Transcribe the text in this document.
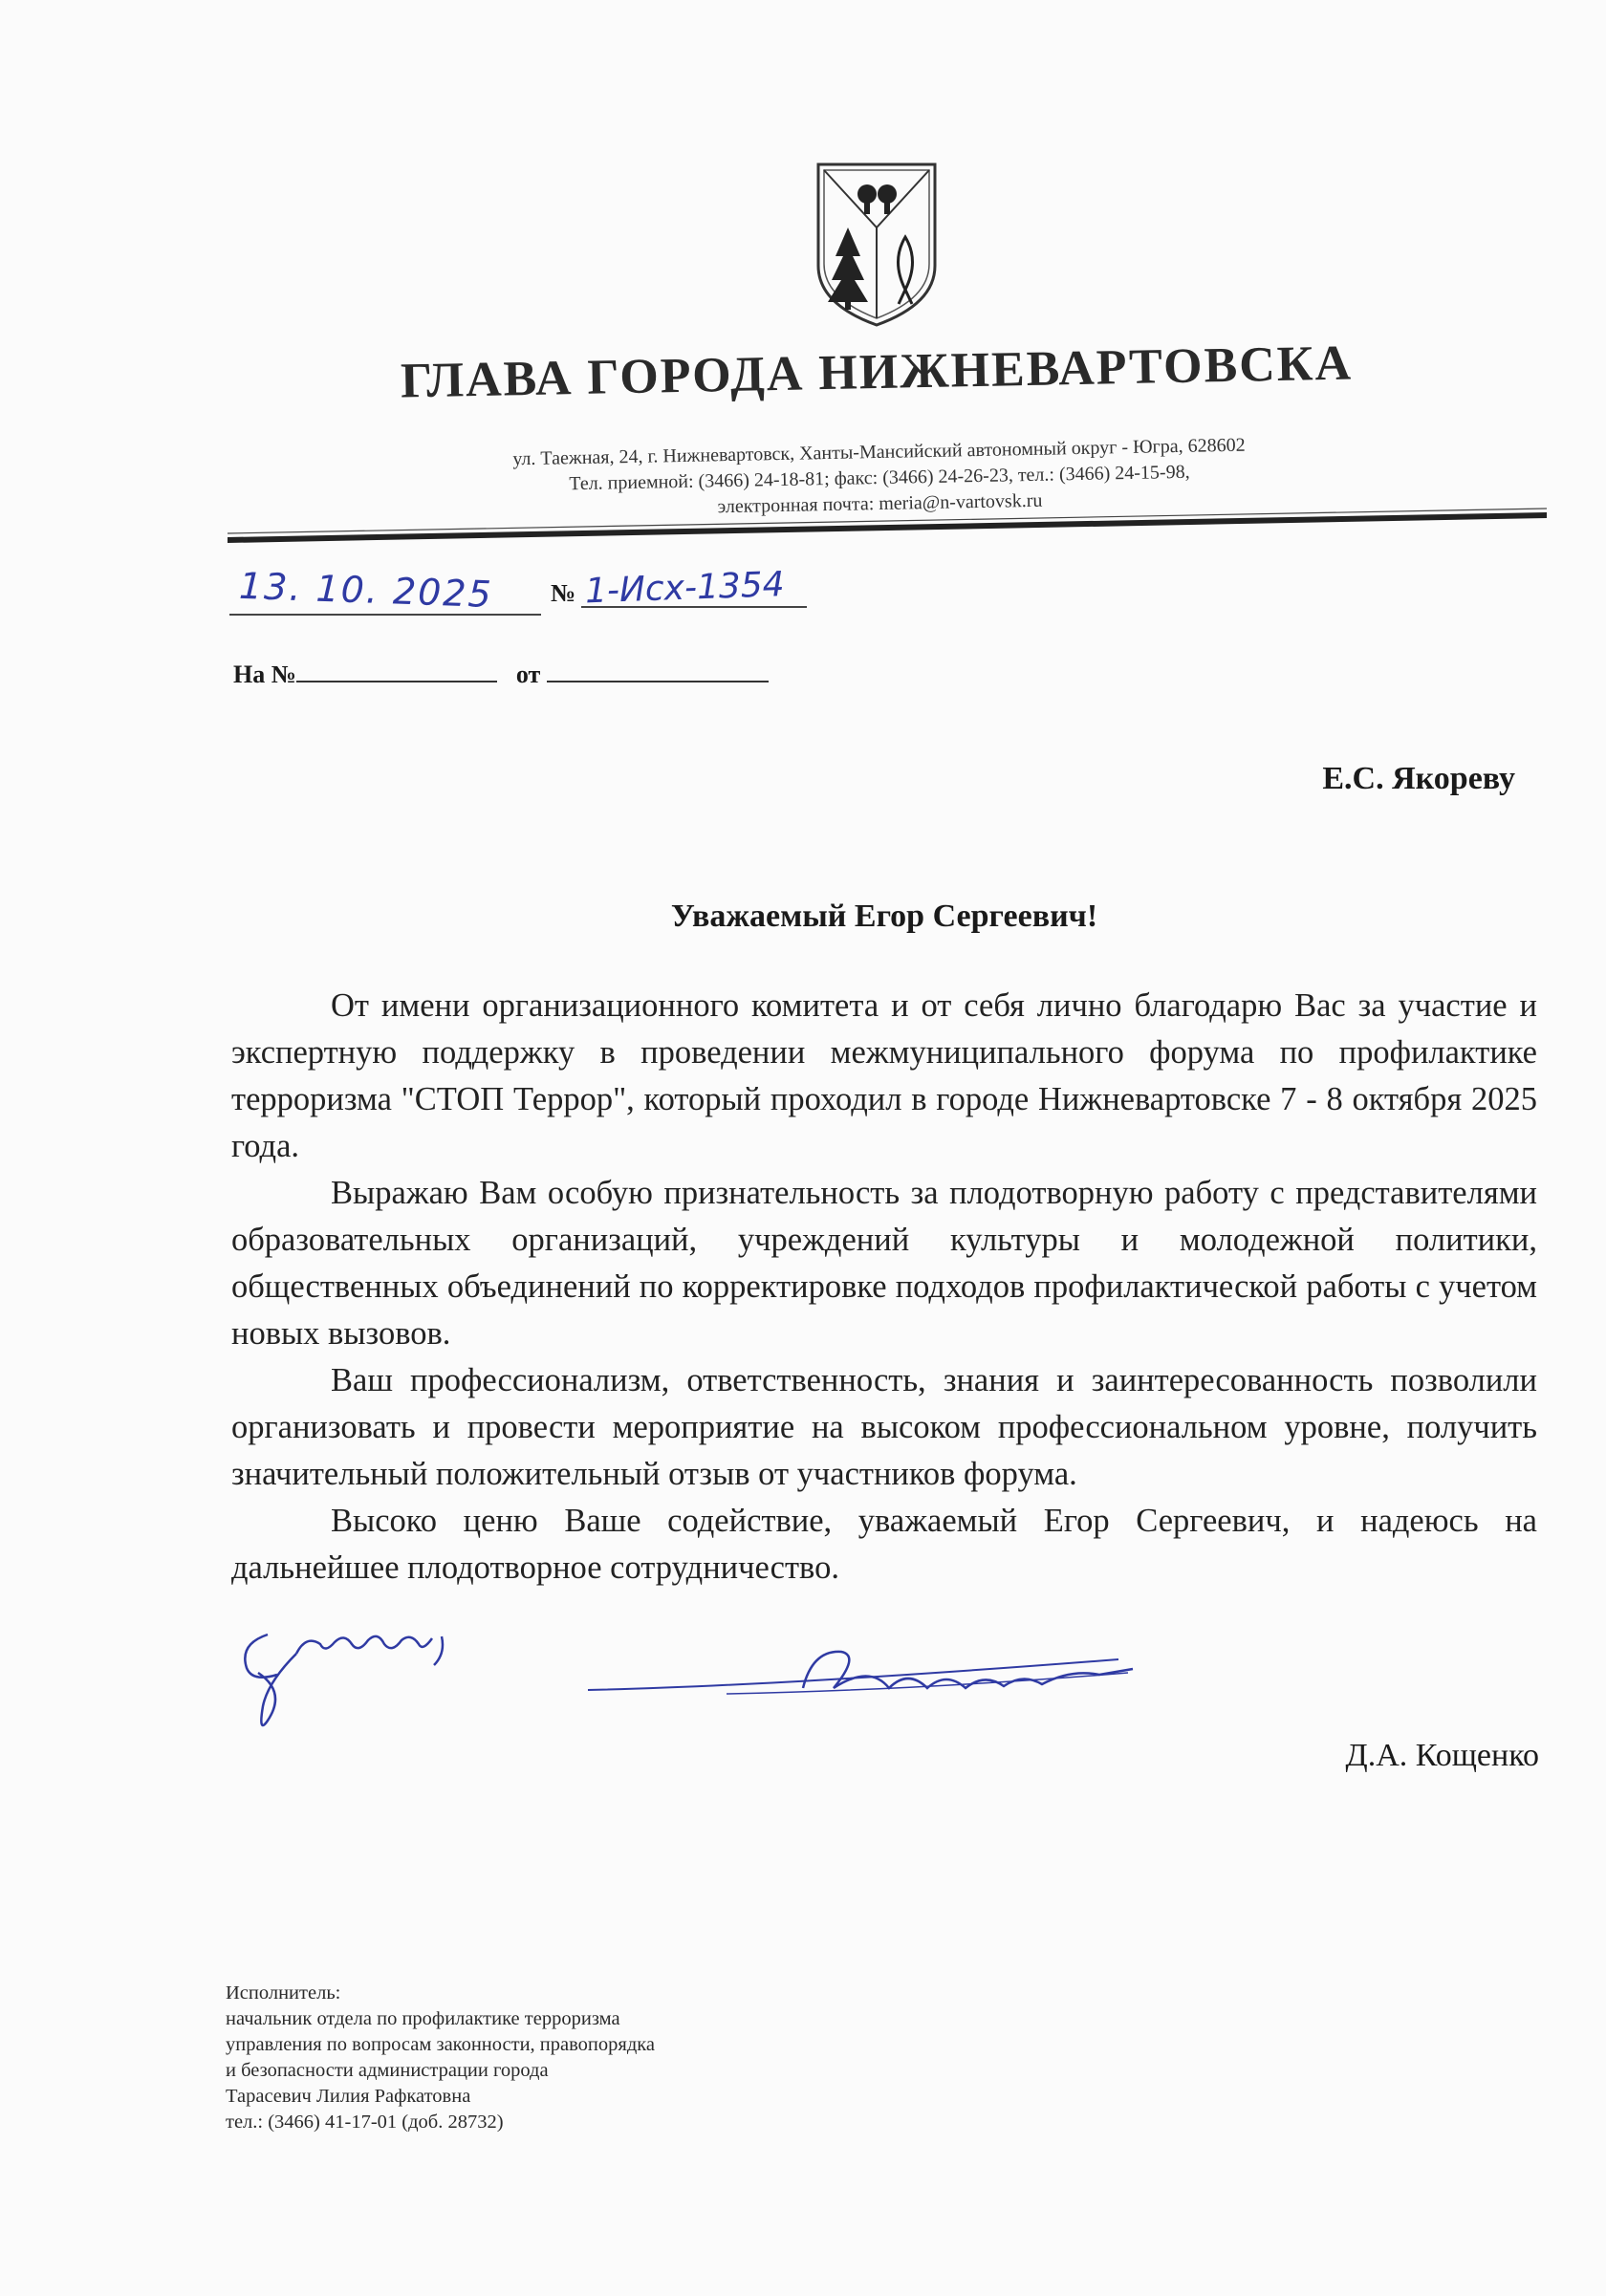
ГЛАВА ГОРОДА НИЖНЕВАРТОВСКА
ул. Таежная, 24, г. Нижневартовск, Ханты-Мансийский автономный округ - Югра, 628602
Тел. приемной: (3466) 24-18-81; факс: (3466) 24-26-23, тел.: (3466) 24-15-98,
электронная почта: meria@n-vartovsk.ru
13. 10. 2025	№ 1-Исх-1354
На №	от
Е.С. Якореву
Уважаемый Егор Сергеевич!

От имени организационного комитета и от себя лично благодарю Вас за участие и экспертную поддержку в проведении межмуниципального форума по профилактике терроризма "СТОП Террор", который проходил в городе Нижневартовске 7 - 8 октября 2025 года.

Выражаю Вам особую признательность за плодотворную работу с представителями образовательных организаций, учреждений культуры и молодежной политики, общественных объединений по корректировке подходов профилактической работы с учетом новых вызовов.

Ваш профессионализм, ответственность, знания и заинтересованность позволили организовать и провести мероприятие на высоком профессиональном уровне, получить значительный положительный отзыв от участников форума.

Высоко ценю Ваше содействие, уважаемый Егор Сергеевич, и надеюсь на дальнейшее плодотворное сотрудничество.

Д.А. Кощенко
Исполнитель:
начальник отдела по профилактике терроризма
управления по вопросам законности, правопорядка
и безопасности администрации города
Тарасевич Лилия Рафкатовна
тел.: (3466) 41-17-01 (доб. 28732)
